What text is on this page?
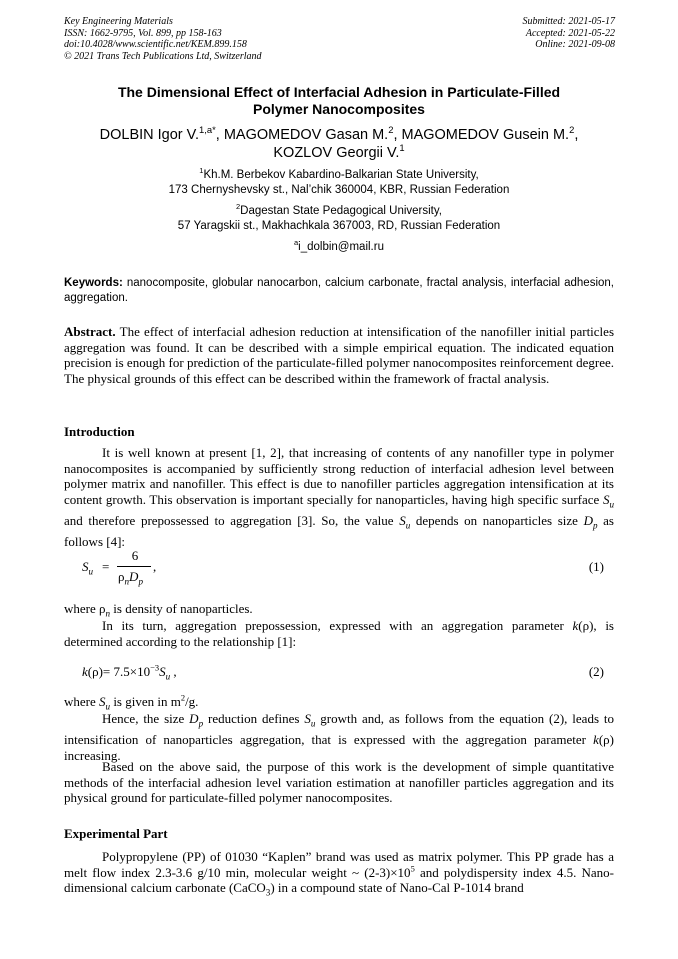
Key Engineering Materials
ISSN: 1662-9795, Vol. 899, pp 158-163
doi:10.4028/www.scientific.net/KEM.899.158
© 2021 Trans Tech Publications Ltd, Switzerland
Submitted: 2021-05-17
Accepted: 2021-05-22
Online: 2021-09-08
The Dimensional Effect of Interfacial Adhesion in Particulate-Filled
Polymer Nanocomposites
DOLBIN Igor V.$^{1,a*}$, MAGOMEDOV Gasan M.$^2$, MAGOMEDOV Gusein M.$^2$,
KOZLOV Georgii V.$^1$
$^1$Kh.M. Berbekov Kabardino-Balkarian State University,
173 Chernyshevsky st., Nal’chik 360004, KBR, Russian Federation
$^2$Dagestan State Pedagogical University,
57 Yaragskii st., Makhachkala 367003, RD, Russian Federation
$^a$i_dolbin@mail.ru
Keywords: nanocomposite, globular nanocarbon, calcium carbonate, fractal analysis, interfacial adhesion, aggregation.
Abstract. The effect of interfacial adhesion reduction at intensification of the nanofiller initial particles aggregation was found. It can be described with a simple empirical equation. The indicated equation precision is enough for prediction of the particulate-filled polymer nanocomposites reinforcement degree. The physical grounds of this effect can be described within the framework of fractal analysis.
Introduction
It is well known at present [1, 2], that increasing of contents of any nanofiller type in polymer nanocomposites is accompanied by sufficiently strong reduction of interfacial adhesion level between polymer matrix and nanofiller. This effect is due to nanofiller particles aggregation intensification at its content growth. This observation is important specially for nanoparticles, having high specific surface $S_u$ and therefore prepossessed to aggregation [3]. So, the value $S_u$ depends on nanoparticles size $D_p$ as follows [4]:
$S_u$ =
6
$\rho_nD_p$
,	(1)
where $\rho_n$ is density of nanoparticles.
In its turn, aggregation prepossession, expressed with an aggregation parameter k(ρ), is determined according to the relationship [1]:
$k(\rho)= 7.5\times 10^{-3}S_u$ ,	(2)
where $S_u$ is given in $m^2/g$.
Hence, the size $D_p$ reduction defines $S_u$ growth and, as follows from the equation (2), leads to intensification of nanoparticles aggregation, that is expressed with the aggregation parameter k(ρ) increasing.
Based on the above said, the purpose of this work is the development of simple quantitative methods of the interfacial adhesion level variation estimation at nanofiller particles aggregation and its physical ground for particulate-filled polymer nanocomposites.
Experimental Part
Polypropylene (PP) of 01030 “Kaplen” brand was used as matrix polymer. This PP grade has a melt flow index 2.3-3.6 g/10 min, molecular weight ~ $(2-3)\times 10^5$ and polydispersity index 4.5. Nano-dimensional calcium carbonate (CaCO$_3$) in a compound state of Nano-Cal P-1014 brand
